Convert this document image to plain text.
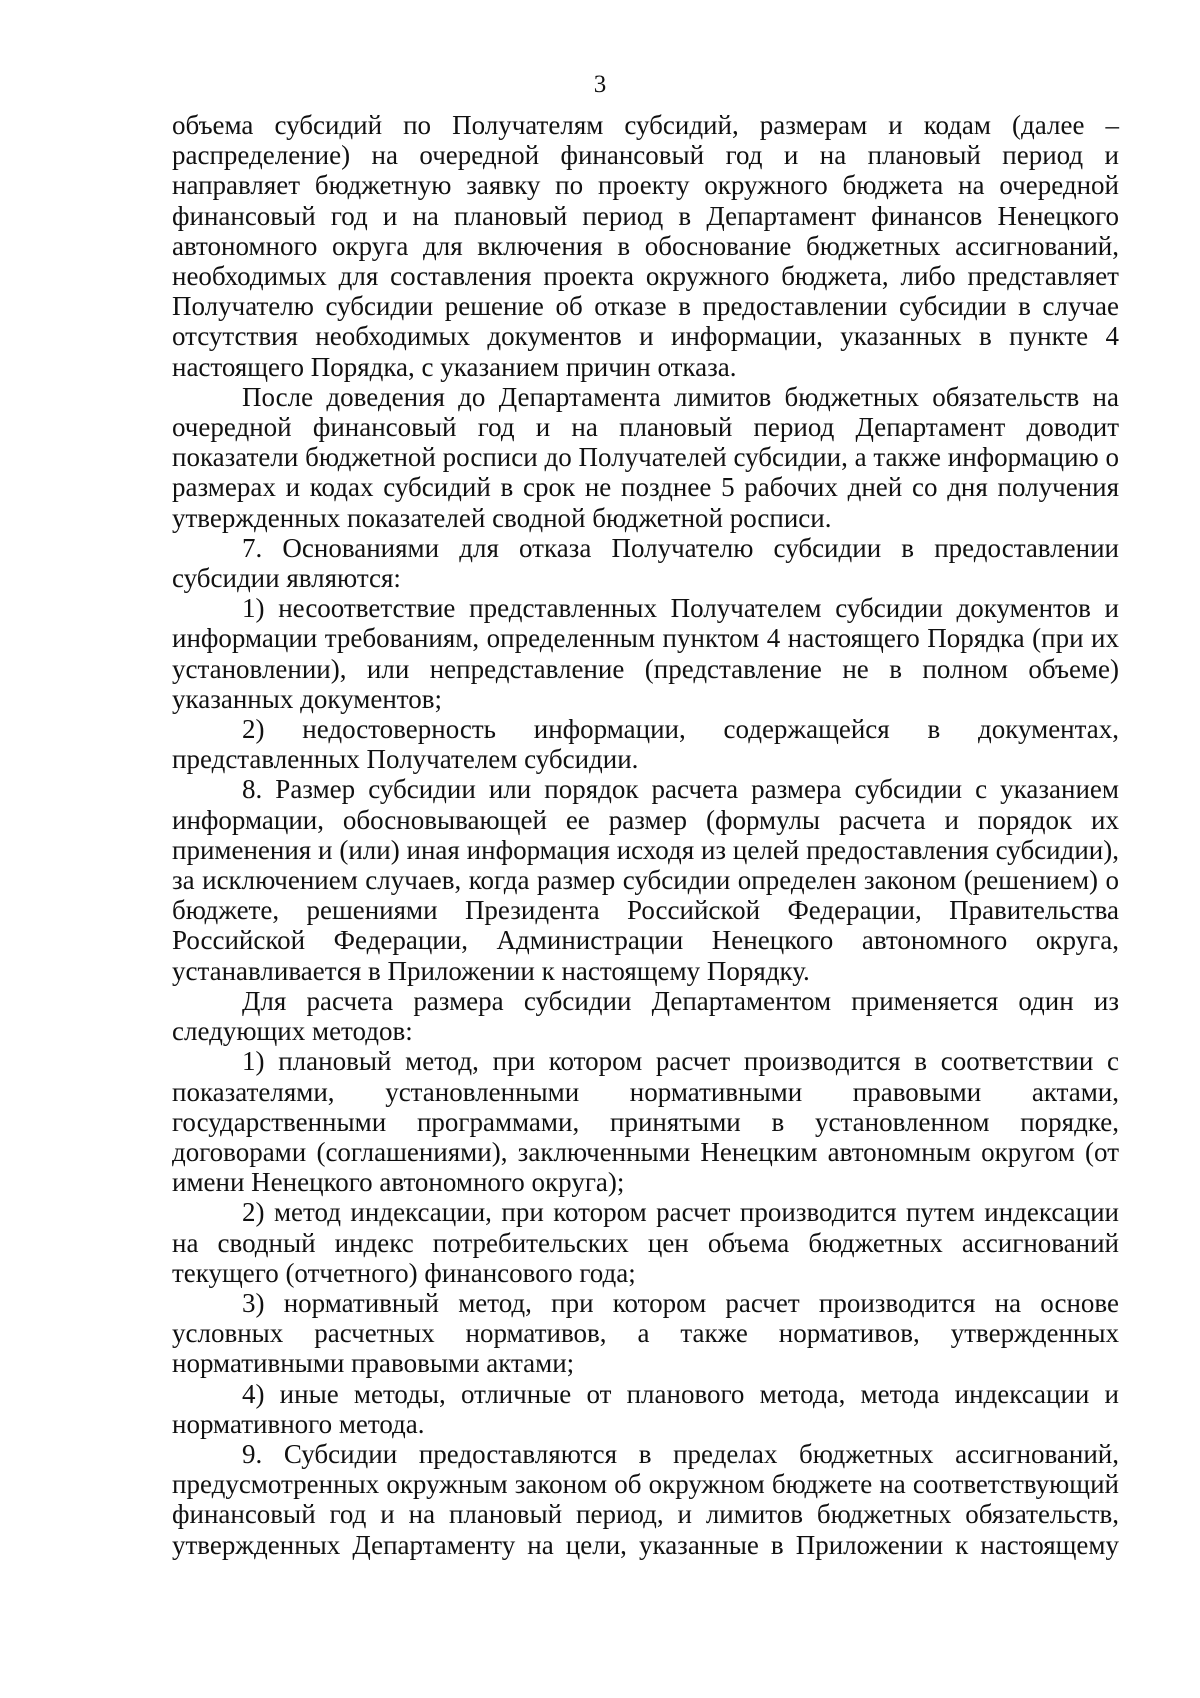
3

объема субсидий по Получателям субсидий, размерам и кодам (далее – распределение) на очередной финансовый год и на плановый период и направляет бюджетную заявку по проекту окружного бюджета на очередной финансовый год и на плановый период в Департамент финансов Ненецкого автономного округа для включения в обоснование бюджетных ассигнований, необходимых для составления проекта окружного бюджета, либо представляет Получателю субсидии решение об отказе в предоставлении субсидии в случае отсутствия необходимых документов и информации, указанных в пункте 4 настоящего Порядка, с указанием причин отказа.

После доведения до Департамента лимитов бюджетных обязательств на очередной финансовый год и на плановый период Департамент доводит показатели бюджетной росписи до Получателей субсидии, а также информацию о размерах и кодах субсидий в срок не позднее 5 рабочих дней со дня получения утвержденных показателей сводной бюджетной росписи.

7. Основаниями для отказа Получателю субсидии в предоставлении субсидии являются:

1) несоответствие представленных Получателем субсидии документов и информации требованиям, определенным пунктом 4 настоящего Порядка (при их установлении), или непредставление (представление не в полном объеме) указанных документов;

2) недостоверность информации, содержащейся в документах, представленных Получателем субсидии.

8. Размер субсидии или порядок расчета размера субсидии с указанием информации, обосновывающей ее размер (формулы расчета и порядок их применения и (или) иная информация исходя из целей предоставления субсидии), за исключением случаев, когда размер субсидии определен законом (решением) о бюджете, решениями Президента Российской Федерации, Правительства Российской Федерации, Администрации Ненецкого автономного округа, устанавливается в Приложении к настоящему Порядку.

Для расчета размера субсидии Департаментом применяется один из следующих методов:

1) плановый метод, при котором расчет производится в соответствии с показателями, установленными нормативными правовыми актами, государственными программами, принятыми в установленном порядке, договорами (соглашениями), заключенными Ненецким автономным округом (от имени Ненецкого автономного округа);

2) метод индексации, при котором расчет производится путем индексации на сводный индекс потребительских цен объема бюджетных ассигнований текущего (отчетного) финансового года;

3) нормативный метод, при котором расчет производится на основе условных расчетных нормативов, а также нормативов, утвержденных нормативными правовыми актами;

4) иные методы, отличные от планового метода, метода индексации и нормативного метода.

9. Субсидии предоставляются в пределах бюджетных ассигнований, предусмотренных окружным законом об окружном бюджете на соответствующий финансовый год и на плановый период, и лимитов бюджетных обязательств, утвержденных Департаменту на цели, указанные в Приложении к настоящему
